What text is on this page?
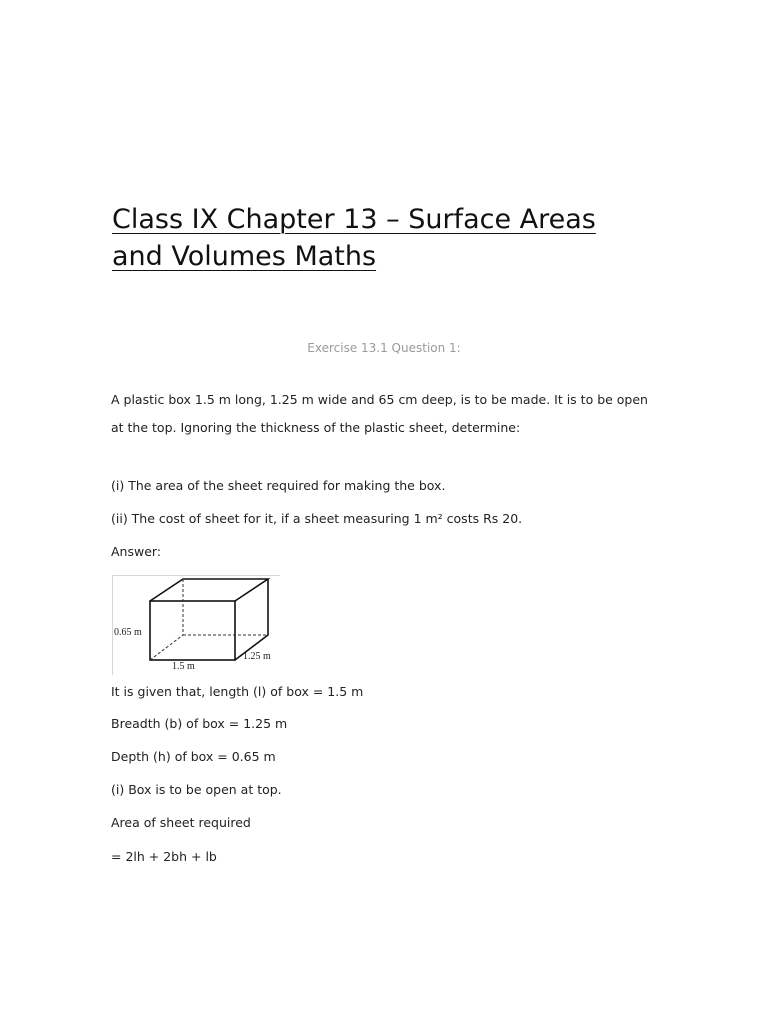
Class IX Chapter 13 – Surface Areas
and Volumes Maths
Exercise 13.1 Question 1:
A plastic box 1.5 m long, 1.25 m wide and 65 cm deep, is to be made. It is to be open
at the top. Ignoring the thickness of the plastic sheet, determine:
(i) The area of the sheet required for making the box.
(ii) The cost of sheet for it, if a sheet measuring 1 m² costs Rs 20.
Answer:
0.65 m
1.5 m
1.25 m
It is given that, length (l) of box = 1.5 m
Breadth (b) of box = 1.25 m
Depth (h) of box = 0.65 m
(i) Box is to be open at top.
Area of sheet required
= 2lh + 2bh + lb
